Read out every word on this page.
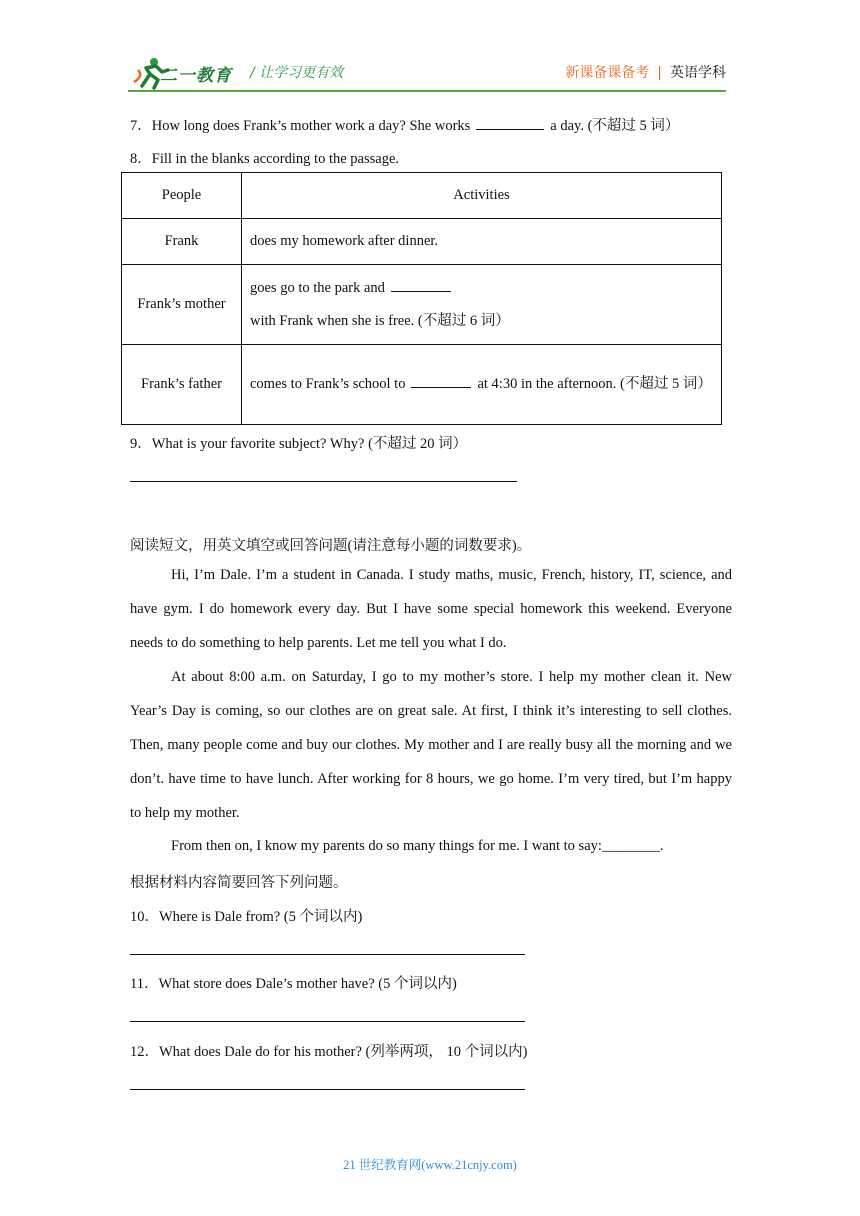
二一教育 / 让学习更有效	新课备课备考 | 英语学科
7．How long does Frank’s mother work a day? She works	a day. (不超过 5 词）
8．Fill in the blanks according to the passage.
People	Activities
Frank	does my homework after dinner.
Frank’s mother	goes go to the park andwith Frank when she is free. (不超过 6 词）
Frank’s father	comes to Frank’s school to at 4:30 in the afternoon. (不超过 5 词）
9．What is your favorite subject? Why? (不超过 20 词）
阅读短文，用英文填空或回答问题(请注意每小题的词数要求)。
Hi, I’m Dale. I’m a student in Canada. I study maths, music, French, history, IT, science, and have gym. I do homework every day. But I have some special homework this weekend. Everyone needs to do something to help parents. Let me tell you what I do.
At about 8:00 a.m. on Saturday, I go to my mother’s store. I help my mother clean it. New Year’s Day is coming, so our clothes are on great sale. At first, I think it’s interesting to sell clothes. Then, many people come and buy our clothes. My mother and I are really busy all the morning and we don’t. have time to have lunch. After working for 8 hours, we go home. I’m very tired, but I’m happy to help my mother.
From then on, I know my parents do so many things for me. I want to say:________.
根据材料内容简要回答下列问题。
10．Where is Dale from? (5 个词以内)
11．What store does Dale’s mother have? (5 个词以内)
12．What does Dale do for his mother? (列举两项， 10 个词以内)
21 世纪教育网(www.21cnjy.com)
